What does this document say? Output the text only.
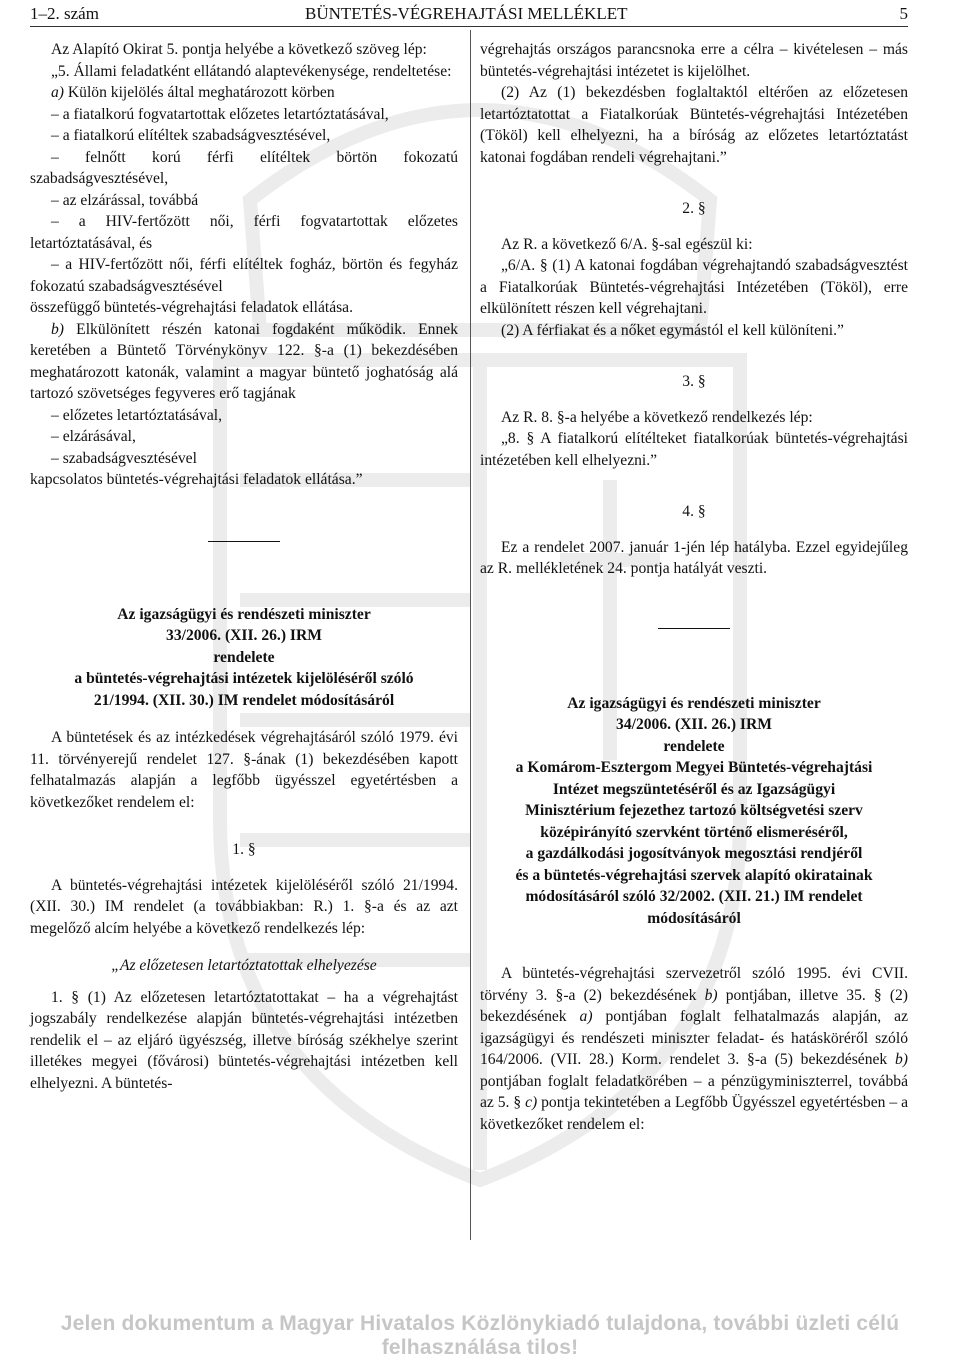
1–2. szám	BÜNTETÉS-VÉGREHAJTÁSI MELLÉKLET	5

Az Alapító Okirat 5. pontja helyébe a következő szöveg lép:

„5. Állami feladatként ellátandó alaptevékenysége, rendeltetése:

a) Külön kijelölés által meghatározott körben

– a fiatalkorú fogvatartottak előzetes letartóztatásával,

– a fiatalkorú elítéltek szabadságvesztésével,

– felnőtt korú férfi elítéltek börtön fokozatú szabadságvesztésével,

– az elzárással, továbbá

– a HIV-fertőzött női, férfi fogvatartottak előzetes letartóztatásával, és

– a HIV-fertőzött női, férfi elítéltek fogház, börtön és fegyház fokozatú szabadságvesztésével

összefüggő büntetés-végrehajtási feladatok ellátása.

b) Elkülönített részén katonai fogdaként működik. Ennek keretében a Büntető Törvénykönyv 122. §-a (1) bekezdésében meghatározott katonák, valamint a magyar büntető joghatóság alá tartozó szövetséges fegyveres erő tagjának

– előzetes letartóztatásával,

– elzárásával,

– szabadságvesztésével

kapcsolatos büntetés-végrehajtási feladatok ellátása.”

Az igazságügyi és rendészeti miniszter

33/2006. (XII. 26.) IRM

rendelete

a büntetés-végrehajtási intézetek kijelöléséről szóló

21/1994. (XII. 30.) IM rendelet módosításáról

A büntetések és az intézkedések végrehajtásáról szóló 1979. évi 11. törvényerejű rendelet 127. §-ának (1) bekezdésében kapott felhatalmazás alapján a legfőbb ügyésszel egyetértésben a következőket rendelem el:

1. §

A büntetés-végrehajtási intézetek kijelöléséről szóló 21/1994. (XII. 30.) IM rendelet (a továbbiakban: R.) 1. §-a és az azt megelőző alcím helyébe a következő rendelkezés lép:

„Az előzetesen letartóztatottak elhelyezése

1. § (1) Az előzetesen letartóztatottakat – ha a végrehajtást jogszabály rendelkezése alapján büntetés-végrehajtási intézetben rendelik el – az eljáró ügyészség, illetve bíróság székhelye szerint illetékes megyei (fővárosi) büntetés-végrehajtási intézetben kell elhelyezni. A büntetés-

végrehajtás országos parancsnoka erre a célra – kivételesen – más büntetés-végrehajtási intézetet is kijelölhet.

(2) Az (1) bekezdésben foglaltaktól eltérően az előzetesen letartóztatottat a Fiatalkorúak Büntetés-végrehajtási Intézetében (Tököl) kell elhelyezni, ha a bíróság az előzetes letartóztatást katonai fogdában rendeli végrehajtani.”

2. §

Az R. a következő 6/A. §-sal egészül ki:

„6/A. § (1) A katonai fogdában végrehajtandó szabadságvesztést a Fiatalkorúak Büntetés-végrehajtási Intézetében (Tököl), erre elkülönített részen kell végrehajtani.

(2) A férfiakat és a nőket egymástól el kell különíteni.”

3. §

Az R. 8. §-a helyébe a következő rendelkezés lép:

„8. § A fiatalkorú elítélteket fiatalkorúak büntetés-végrehajtási intézetében kell elhelyezni.”

4. §

Ez a rendelet 2007. január 1-jén lép hatályba. Ezzel egyidejűleg az R. mellékletének 24. pontja hatályát veszti.

Az igazságügyi és rendészeti miniszter

34/2006. (XII. 26.) IRM

rendelete

a Komárom-Esztergom Megyei Büntetés-végrehajtási

Intézet megszüntetéséről és az Igazságügyi

Minisztérium fejezethez tartozó költségvetési szerv

középirányító szervként történő elismeréséről,

a gazdálkodási jogosítványok megosztási rendjéről

és a büntetés-végrehajtási szervek alapító okiratainak

módosításáról szóló 32/2002. (XII. 21.) IM rendelet

módosításáról

A büntetés-végrehajtási szervezetről szóló 1995. évi CVII. törvény 3. §-a (2) bekezdésének b) pontjában, illetve 35. § (2) bekezdésének a) pontjában foglalt felhatalmazás alapján, az igazságügyi és rendészeti miniszter feladat- és hatásköréről szóló 164/2006. (VII. 28.) Korm. rendelet 3. §-a (5) bekezdésének b) pontjában foglalt feladatkörében – a pénzügyminiszterrel, továbbá az 5. § c) pontja tekintetében a Legfőbb Ügyésszel egyetértésben – a következőket rendelem el:

Jelen dokumentum a Magyar Hivatalos Közlönykiadó tulajdona, további üzleti célú felhasználása tilos!
